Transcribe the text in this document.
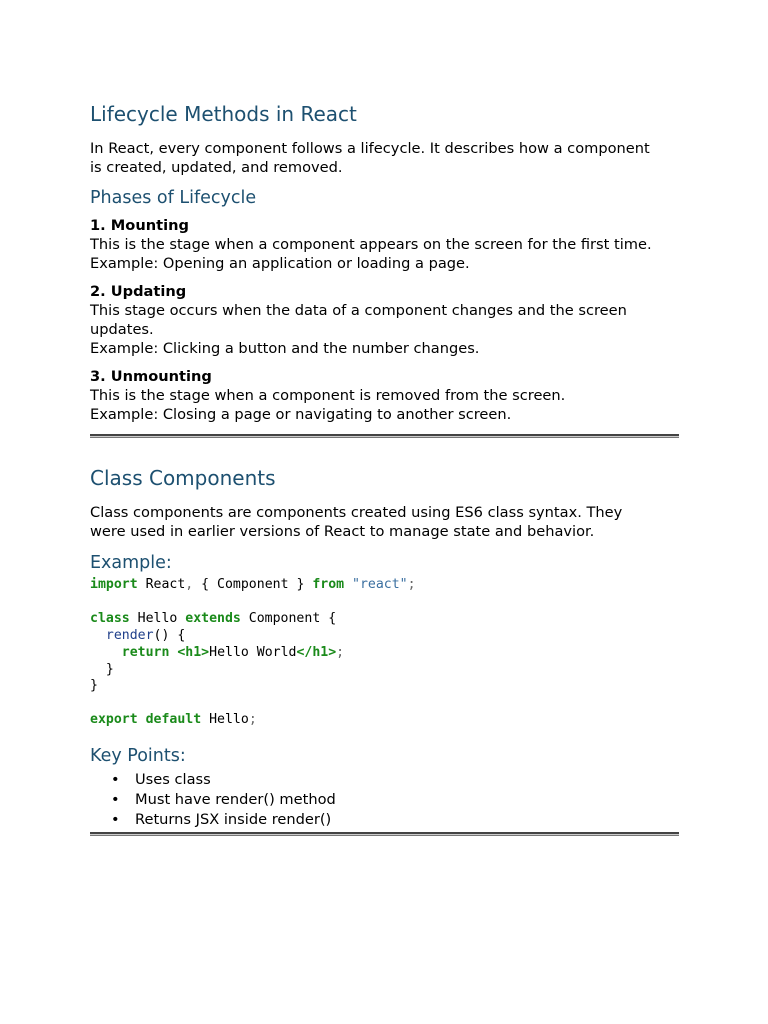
Lifecycle Methods in React
In React, every component follows a lifecycle. It describes how a component
is created, updated, and removed.
Phases of Lifecycle
1. Mounting
This is the stage when a component appears on the screen for the first time.
Example: Opening an application or loading a page.
2. Updating
This stage occurs when the data of a component changes and the screen
updates.
Example: Clicking a button and the number changes.
3. Unmounting
This is the stage when a component is removed from the screen.
Example: Closing a page or navigating to another screen.
Class Components
Class components are components created using ES6 class syntax. They
were used in earlier versions of React to manage state and behavior.
Example:
import React, { Component } from "react";

class Hello extends Component {
render() {
return <h1>Hello World</h1>;
}
}

export default Hello;
Key Points:
• Uses class
• Must have render() method
• Returns JSX inside render()
